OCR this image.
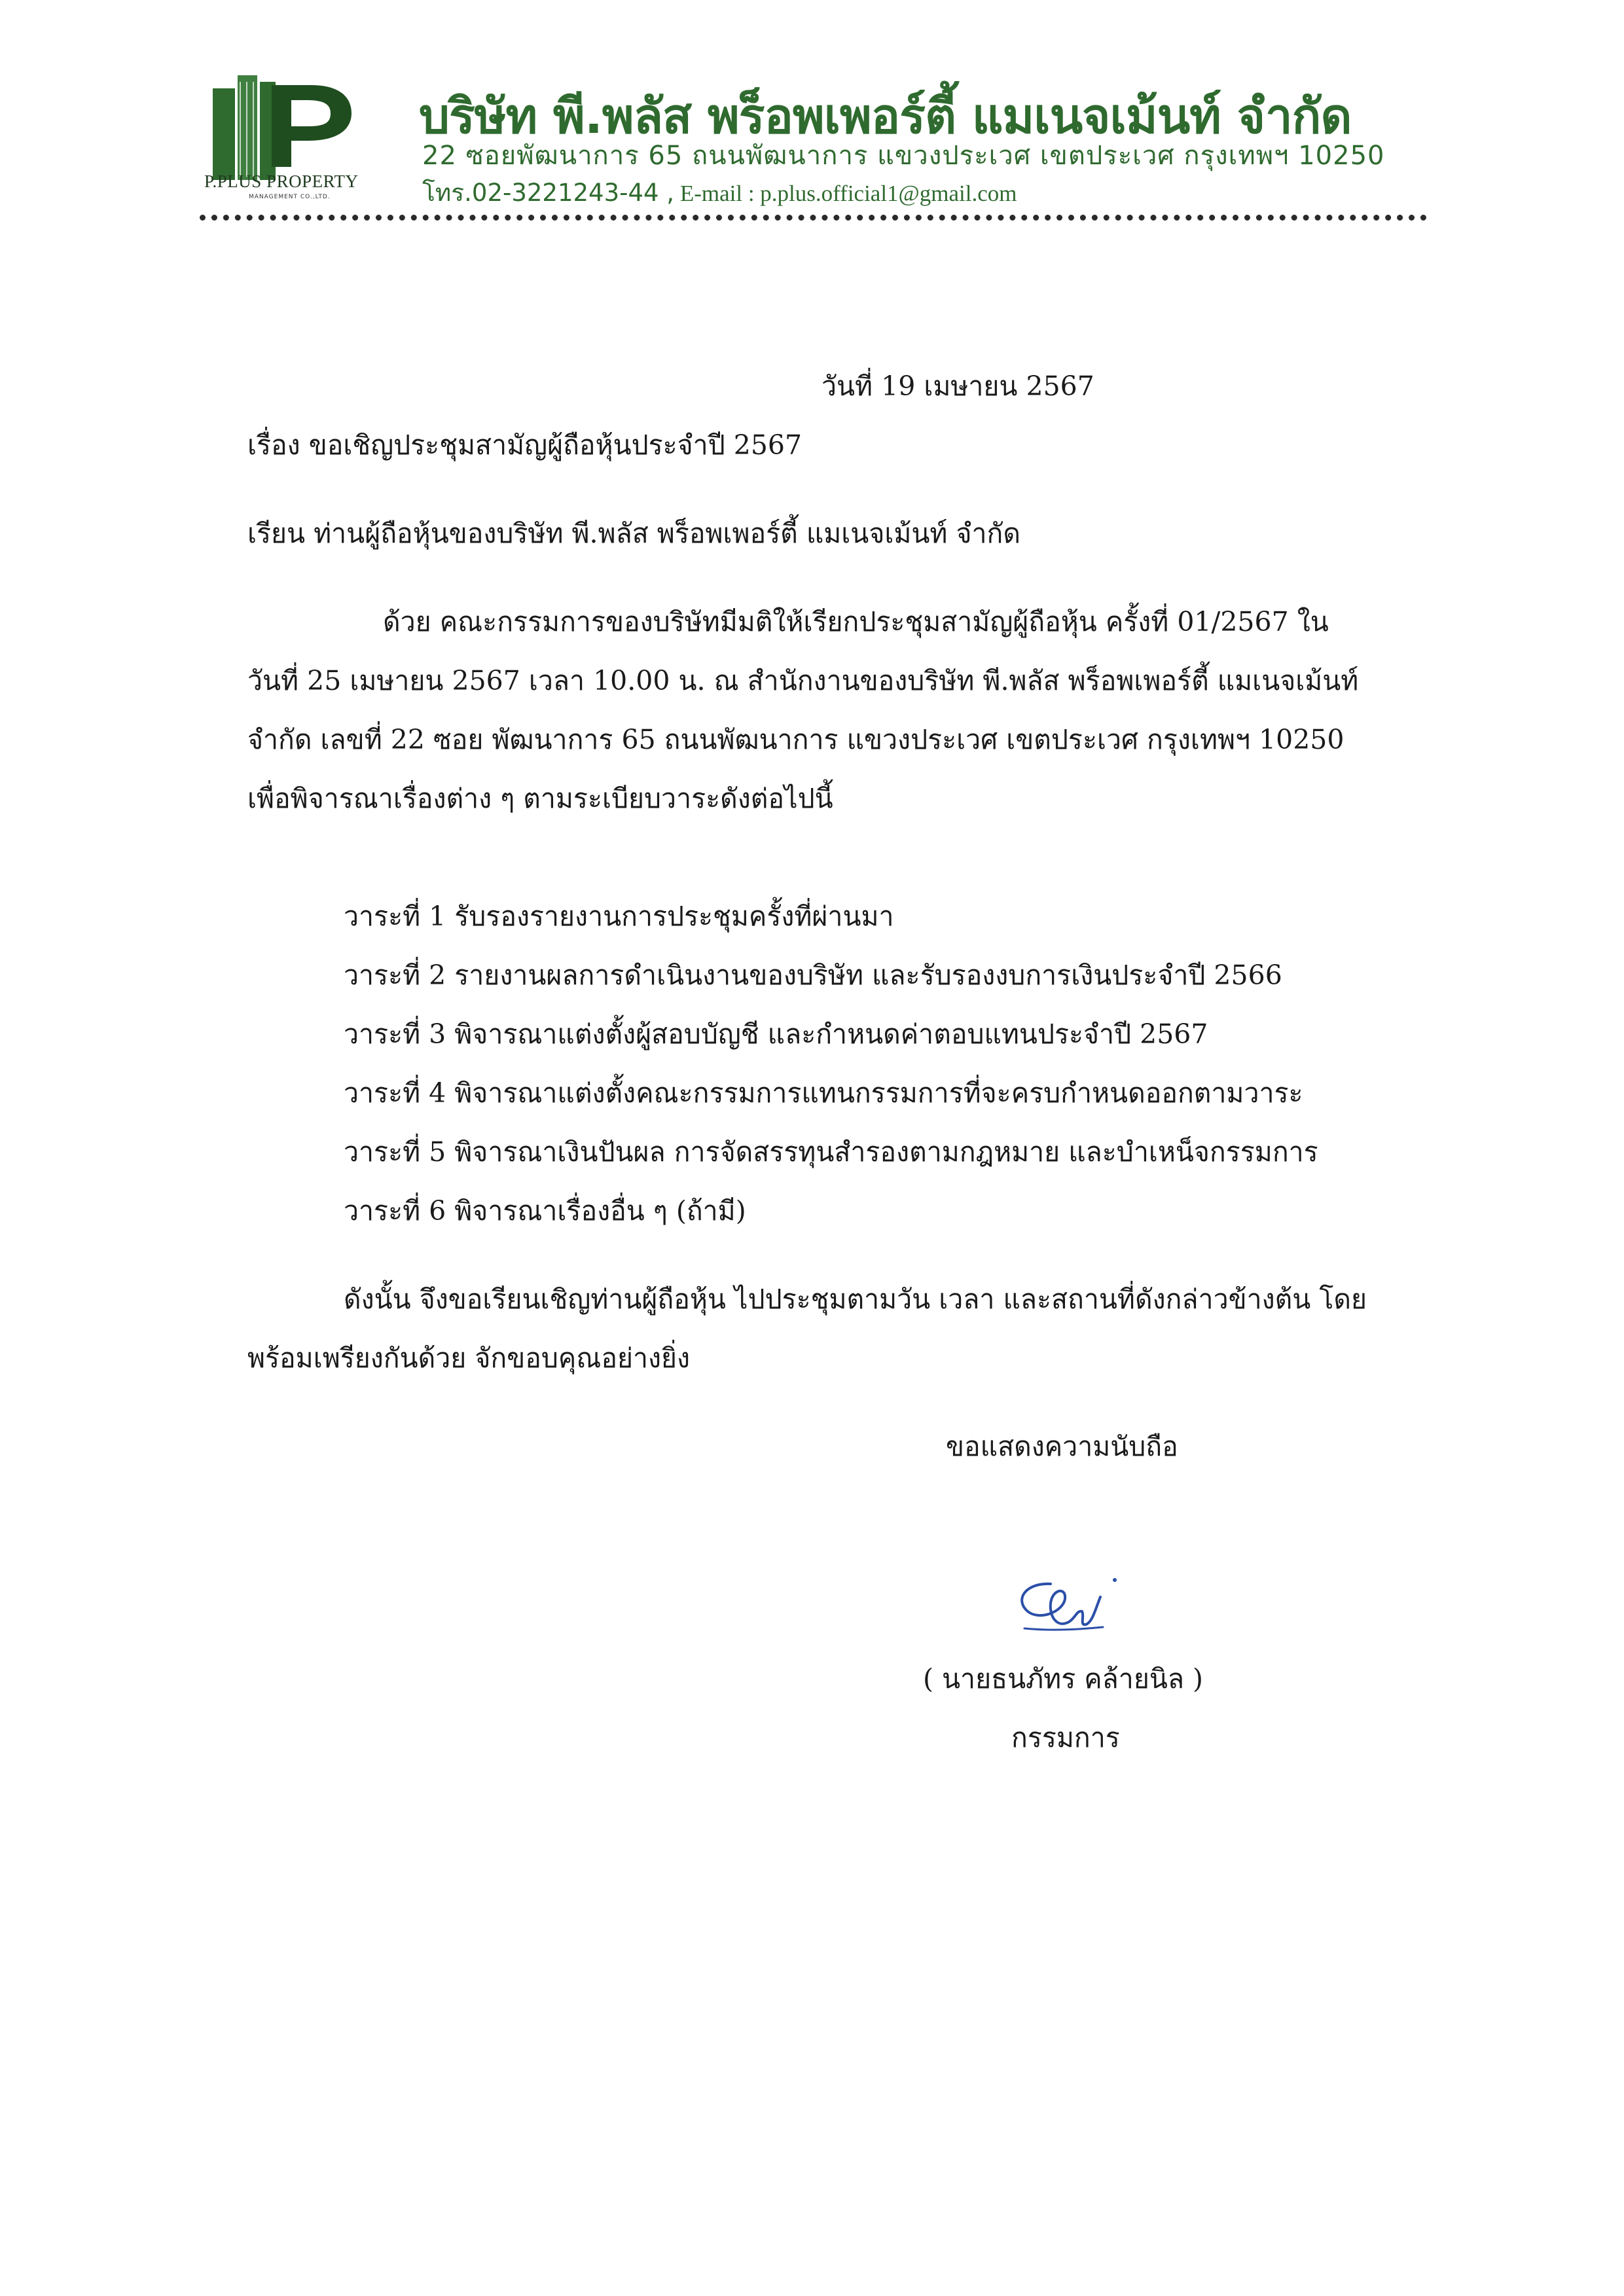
P.PLUS PROPERTY
MANAGEMENT CO.,LTD.
บริษัท พี.พลัส พร็อพเพอร์ตี้ แมเนจเม้นท์ จำกัด
22 ซอยพัฒนาการ 65 ถนนพัฒนาการ แขวงประเวศ เขตประเวศ กรุงเทพฯ 10250
โทร.02-3221243-44 , E-mail : p.plus.official1@gmail.com
วันที่ 19 เมษายน 2567
เรื่อง ขอเชิญประชุมสามัญผู้ถือหุ้นประจำปี 2567
เรียน ท่านผู้ถือหุ้นของบริษัท พี.พลัส พร็อพเพอร์ตี้ แมเนจเม้นท์ จำกัด
ด้วย คณะกรรมการของบริษัทมีมติให้เรียกประชุมสามัญผู้ถือหุ้น ครั้งที่ 01/2567 ใน
วันที่ 25 เมษายน 2567 เวลา 10.00 น. ณ สำนักงานของบริษัท พี.พลัส พร็อพเพอร์ตี้ แมเนจเม้นท์
จำกัด เลขที่ 22 ซอย พัฒนาการ 65 ถนนพัฒนาการ แขวงประเวศ เขตประเวศ กรุงเทพฯ 10250
เพื่อพิจารณาเรื่องต่าง ๆ ตามระเบียบวาระดังต่อไปนี้
วาระที่ 1 รับรองรายงานการประชุมครั้งที่ผ่านมา
วาระที่ 2 รายงานผลการดำเนินงานของบริษัท และรับรองงบการเงินประจำปี 2566
วาระที่ 3 พิจารณาแต่งตั้งผู้สอบบัญชี และกำหนดค่าตอบแทนประจำปี 2567
วาระที่ 4 พิจารณาแต่งตั้งคณะกรรมการแทนกรรมการที่จะครบกำหนดออกตามวาระ
วาระที่ 5 พิจารณาเงินปันผล การจัดสรรทุนสำรองตามกฎหมาย และบำเหน็จกรรมการ
วาระที่ 6 พิจารณาเรื่องอื่น ๆ (ถ้ามี)
ดังนั้น จึงขอเรียนเชิญท่านผู้ถือหุ้น ไปประชุมตามวัน เวลา และสถานที่ดังกล่าวข้างต้น โดย
พร้อมเพรียงกันด้วย จักขอบคุณอย่างยิ่ง
ขอแสดงความนับถือ
( นายธนภัทร คล้ายนิล )
กรรมการ
